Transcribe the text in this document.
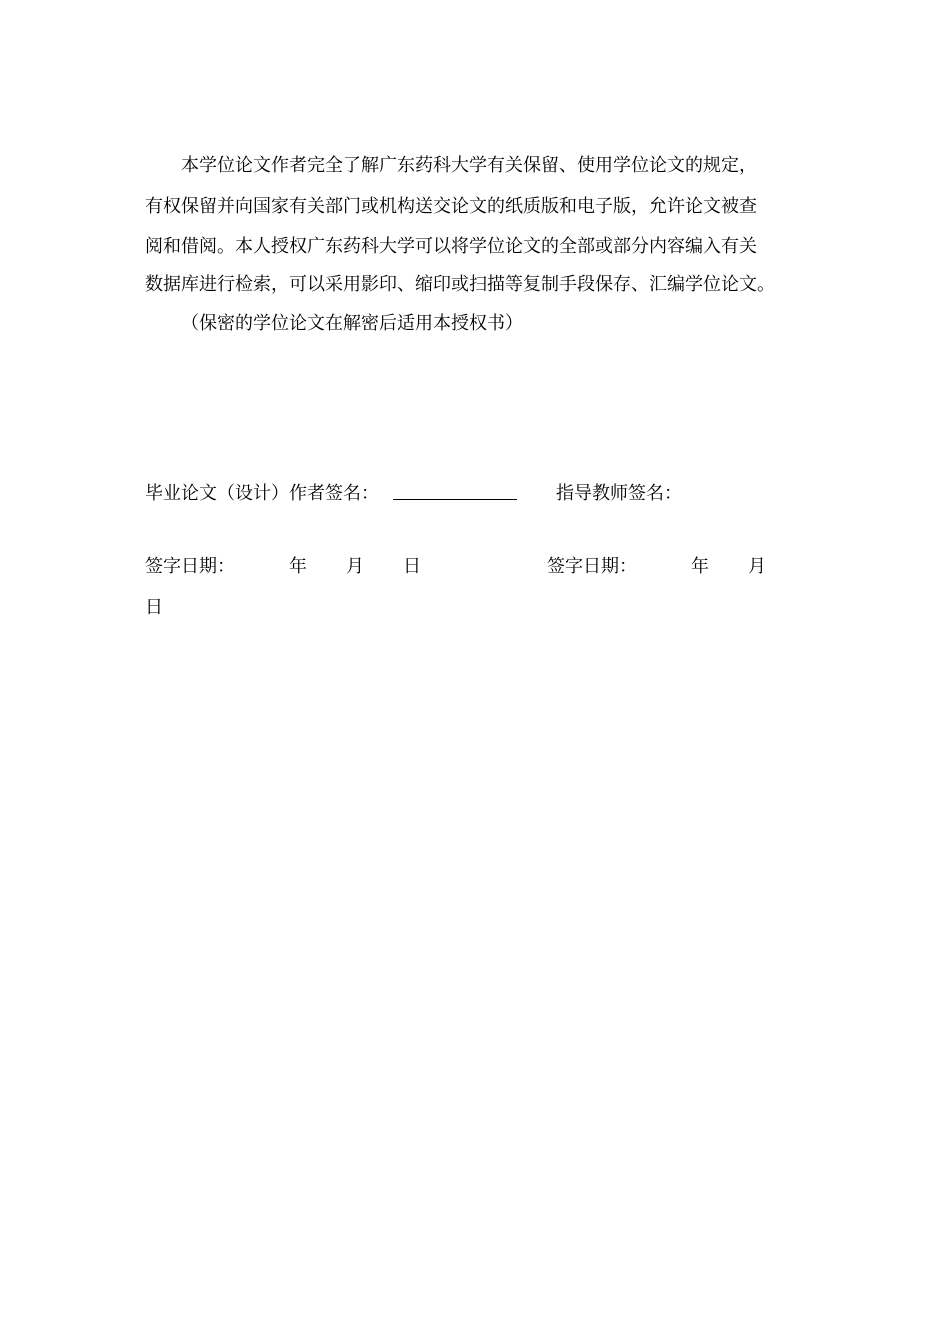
本学位论文作者完全了解广东药科大学有关保留、使用学位论文的规定，
有权保留并向国家有关部门或机构送交论文的纸质版和电子版，允许论文被查
阅和借阅。本人授权广东药科大学可以将学位论文的全部或部分内容编入有关
数据库进行检索，可以采用影印、缩印或扫描等复制手段保存、汇编学位论文。
（保密的学位论文在解密后适用本授权书）
毕业论文（设计）作者签名：	指导教师签名：
签字日期：	年 月 日	签字日期：	年 月
日
